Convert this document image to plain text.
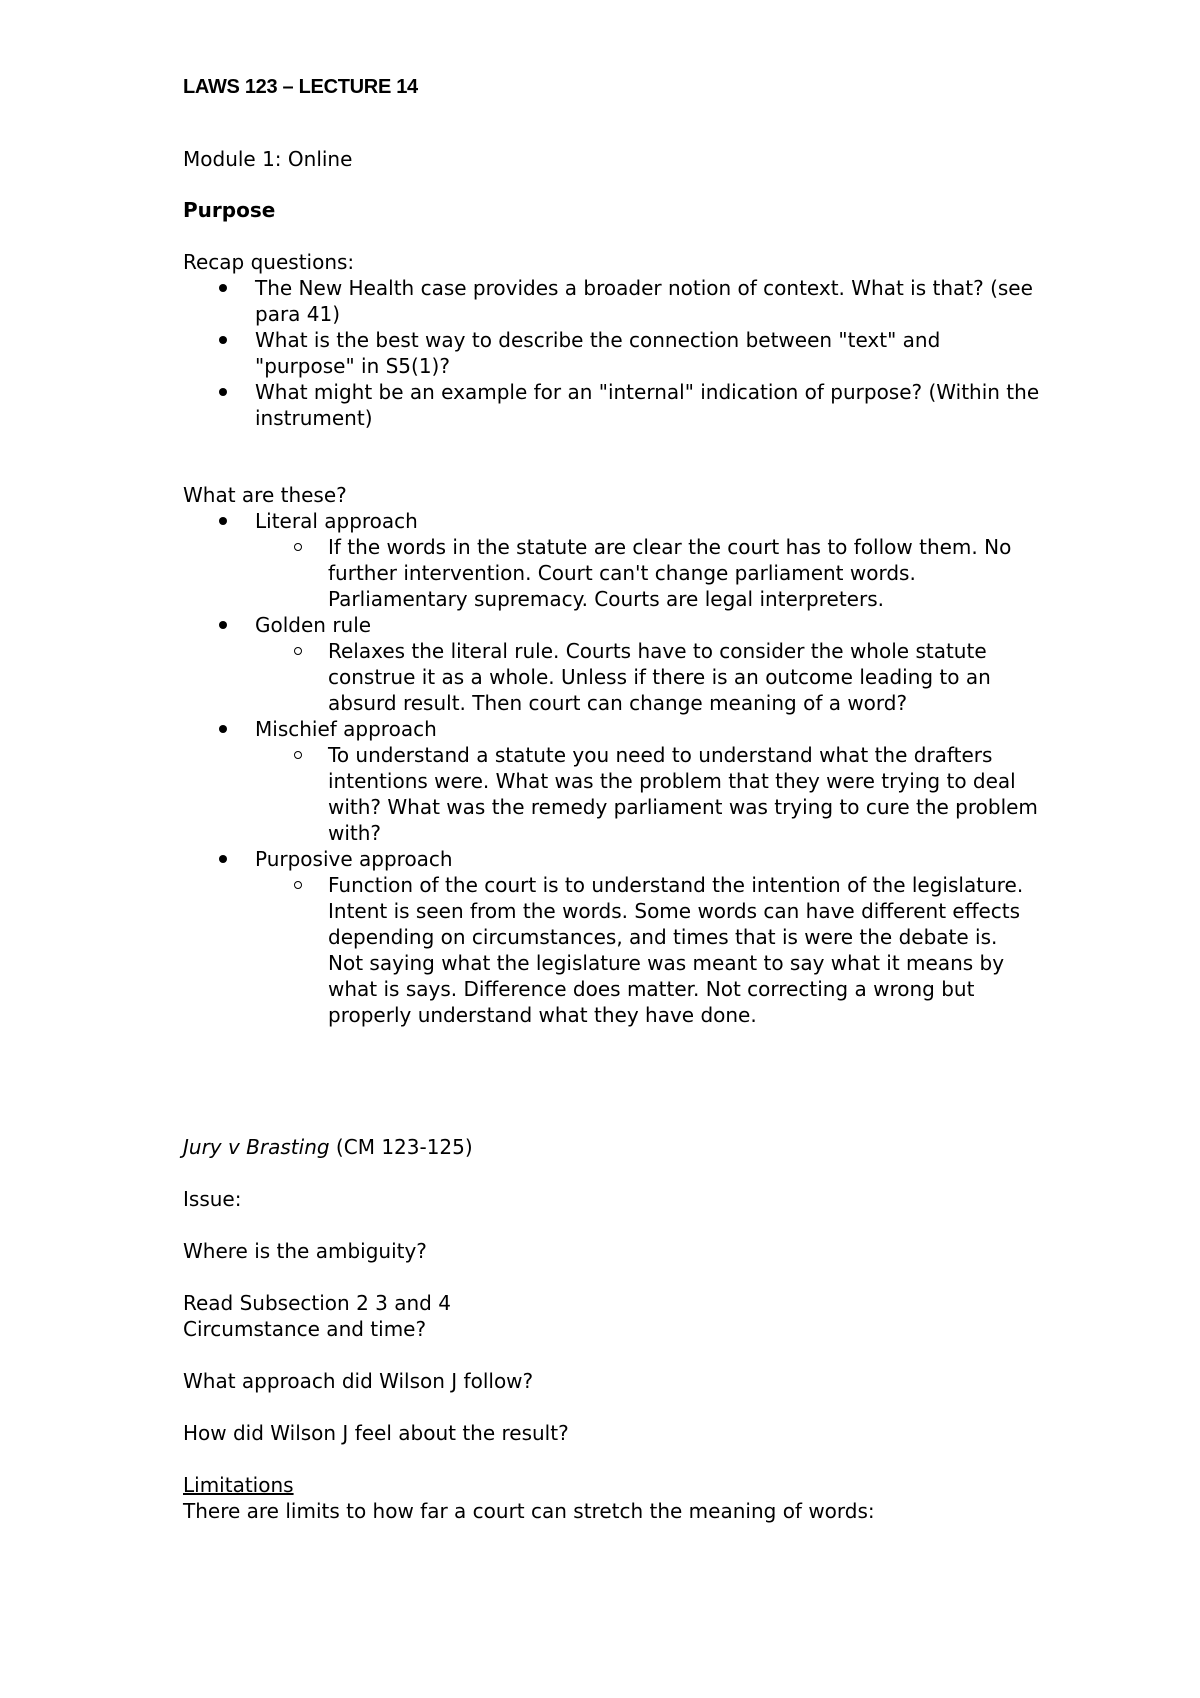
LAWS 123 – LECTURE 14
Module 1: Online
Purpose
Recap questions:
The New Health case provides a broader notion of context. What is that? (see para 41)
What is the best way to describe the connection between "text" and "purpose" in S5(1)?
What might be an example for an "internal" indication of purpose? (Within the instrument)
What are these?
Literal approach
If the words in the statute are clear the court has to follow them. No further intervention. Court can't change parliament words. Parliamentary supremacy. Courts are legal interpreters.
Golden rule
Relaxes the literal rule. Courts have to consider the whole statute construe it as a whole. Unless if there is an outcome leading to an absurd result. Then court can change meaning of a word?
Mischief approach
To understand a statute you need to understand what the drafters intentions were. What was the problem that they were trying to deal with? What was the remedy parliament was trying to cure the problem with?
Purposive approach
Function of the court is to understand the intention of the legislature. Intent is seen from the words. Some words can have different effects depending on circumstances, and times that is were the debate is. Not saying what the legislature was meant to say what it means by what is says. Difference does matter. Not correcting a wrong but properly understand what they have done.
Jury v Brasting (CM 123-125)
Issue:
Where is the ambiguity?
Read Subsection 2 3 and 4
Circumstance and time?
What approach did Wilson J follow?
How did Wilson J feel about the result?
Limitations
There are limits to how far a court can stretch the meaning of words:
